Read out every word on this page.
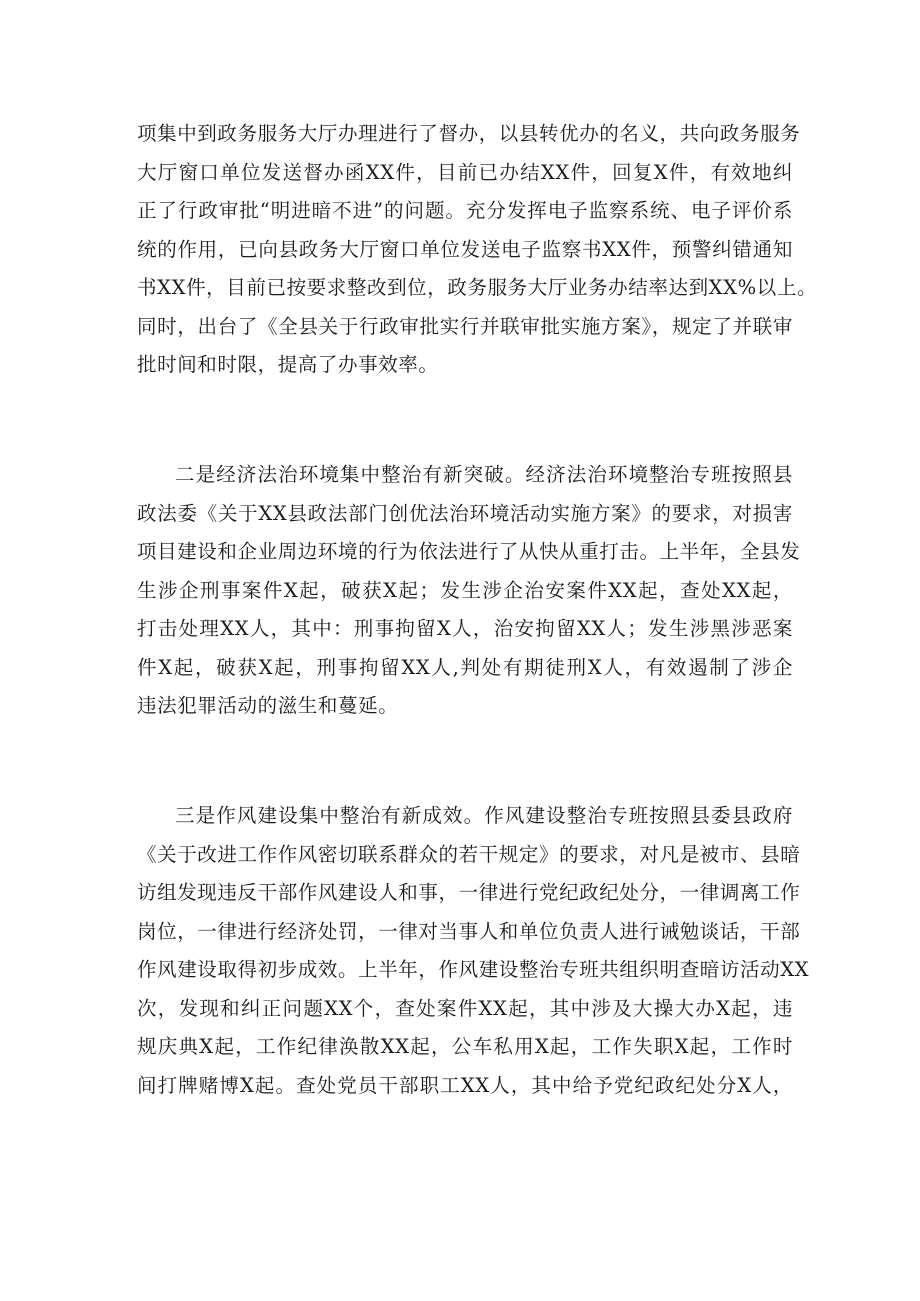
项集中到政务服务大厅办理进行了督办，以县转优办的名义，共向政务服务
大厅窗口单位发送督办函XX件，目前已办结XX件，回复X件，有效地纠
正了行政审批“明进暗不进”的问题。充分发挥电子监察系统、电子评价系
统的作用，已向县政务大厅窗口单位发送电子监察书XX件，预警纠错通知
书XX件，目前已按要求整改到位，政务服务大厅业务办结率达到XX%以上。
同时，出台了《全县关于行政审批实行并联审批实施方案》，规定了并联审
批时间和时限，提高了办事效率。
二是经济法治环境集中整治有新突破。经济法治环境整治专班按照县
政法委《关于XX县政法部门创优法治环境活动实施方案》的要求，对损害
项目建设和企业周边环境的行为依法进行了从快从重打击。上半年，全县发
生涉企刑事案件X起，破获X起；发生涉企治安案件XX起，查处XX起，
打击处理XX人，其中：刑事拘留X人，治安拘留XX人；发生涉黑涉恶案
件X起，破获X起，刑事拘留XX人,判处有期徒刑X人，有效遏制了涉企
违法犯罪活动的滋生和蔓延。
三是作风建设集中整治有新成效。作风建设整治专班按照县委县政府
《关于改进工作作风密切联系群众的若干规定》的要求，对凡是被市、县暗
访组发现违反干部作风建设人和事，一律进行党纪政纪处分，一律调离工作
岗位，一律进行经济处罚，一律对当事人和单位负责人进行诫勉谈话，干部
作风建设取得初步成效。上半年，作风建设整治专班共组织明查暗访活动XX
次，发现和纠正问题XX个，查处案件XX起，其中涉及大操大办X起，违
规庆典X起，工作纪律涣散XX起，公车私用X起，工作失职X起，工作时
间打牌赌博X起。查处党员干部职工XX人，其中给予党纪政纪处分X人，
